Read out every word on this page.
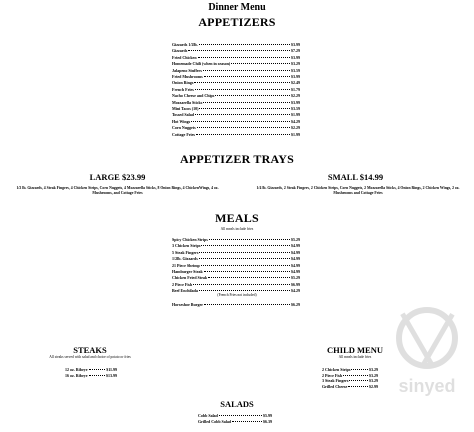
Dinner Menu
APPETIZERS
Gizzards 1/2lb.	$3.99
Gizzards	$7.29
Fried Chicken	$3.99
Homemade Chili (when in season)	$3.29
Jalapeno Stuffers	$3.59
Fried Mushrooms	$3.99
Onion Rings	$2.49
French Fries	$1.79
Nacho Cheese and Chips	$2.29
Mozzarella Sticks	$3.99
Mini Tacos (10)	$3.59
Tossed Salad	$1.99
Hot Wings	$4.29
Corn Nuggets	$2.29
Cottage Fries	$1.99
APPETIZER TRAYS
LARGE $23.99
1/2 lb. Gizzards, 4 Steak Fingers, 4 Chicken Strips, Corn Nuggets, 4 Mozzarella Sticks, 8 Onion Rings, 4 ChickenWings, 4 oz. Mushrooms, and Cottage Fries
SMALL $14.99
1/4 lb. Gizzards, 2 Steak Fingers, 2 Chicken Strips, Corn Nuggets, 2 Mozzarella Sticks, 4 Onion Rings, 2 Chicken Wings, 2 oz. Mushrooms and Cottage Fries
MEALS
All meals include fries
Spicy Chicken Strips	$5.29
3 Chicken Strips	$4.99
5 Steak Fingers	$4.99
1/2lb. Gizzards	$4.99
21 Piece Shrimp	$4.99
Hamburger Steak	$4.99
Chicken Fried Steak	$5.29
2 Piece Fish	$6.99
Beef Enchilada	$4.29
(French Fries not included)
Horseshoe Burger	$6.29
STEAKS
All steaks served with salad and choice of potato or fries
12 oz. Ribeye	$11.99
16 oz. Ribeye	$13.99
CHILD MENU
All meals include fries
2 Chicken Strips	$3.29
2 Piece Fish	$3.29
3 Steak Fingers	$3.29
Grilled Cheese	$2.99
SALADS
Cobb Salad	$5.99
Grilled Cobb Salad	$6.39
sinyed
